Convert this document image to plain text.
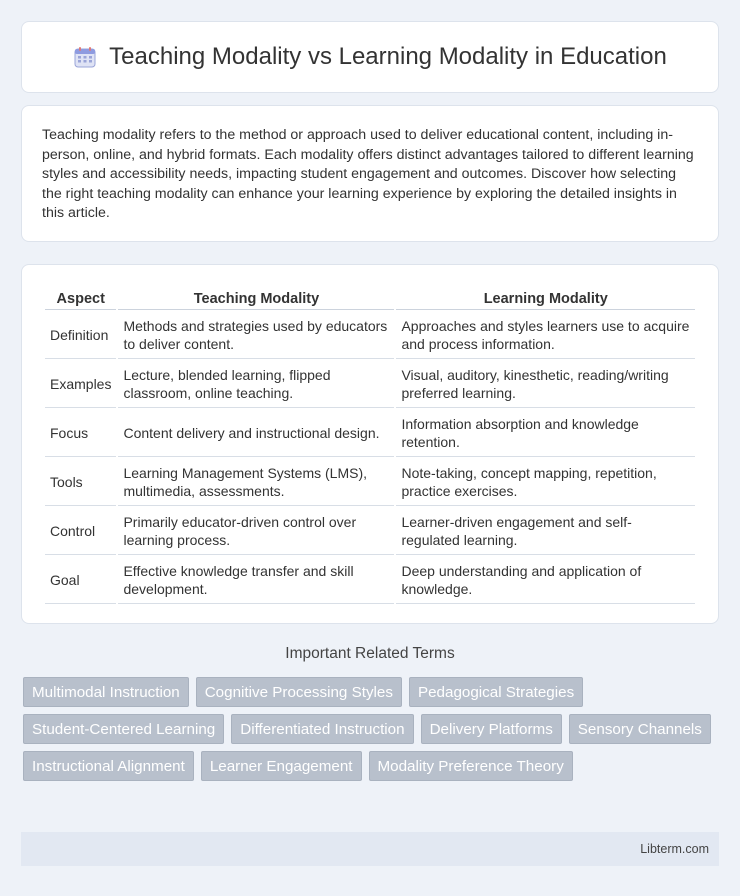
Teaching Modality vs Learning Modality in Education

Teaching modality refers to the method or approach used to deliver educational content, including in-person, online, and hybrid formats. Each modality offers distinct advantages tailored to different learning styles and accessibility needs, impacting student engagement and outcomes. Discover how selecting the right teaching modality can enhance your learning experience by exploring the detailed insights in this article.

Aspect	Teaching Modality	Learning Modality
Definition	Methods and strategies used by educators to deliver content.	Approaches and styles learners use to acquire and process information.
Examples	Lecture, blended learning, flipped classroom, online teaching.	Visual, auditory, kinesthetic, reading/writing preferred learning.
Focus	Content delivery and instructional design.	Information absorption and knowledge retention.
Tools	Learning Management Systems (LMS), multimedia, assessments.	Note-taking, concept mapping, repetition, practice exercises.
Control	Primarily educator-driven control over learning process.	Learner-driven engagement and self-regulated learning.
Goal	Effective knowledge transfer and skill development.	Deep understanding and application of knowledge.
Important Related Terms
Multimodal Instruction	Cognitive Processing Styles	Pedagogical Strategies
Student-Centered Learning	Differentiated Instruction	Delivery Platforms	Sensory Channels
Instructional Alignment	Learner Engagement	Modality Preference Theory
Libterm.com
